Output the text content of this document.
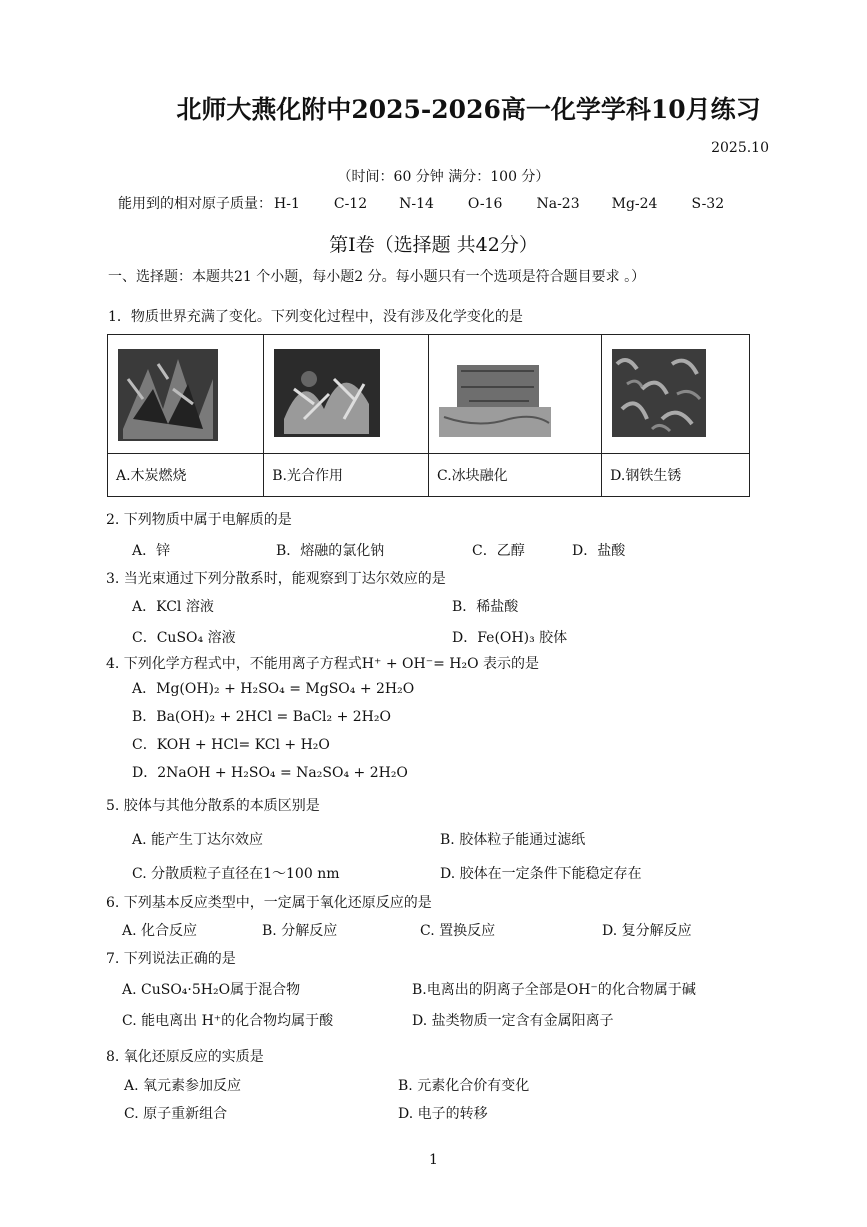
北师大燕化附中2025-2026高一化学学科10月练习
2025.10
（时间：60 分钟 满分：100 分）
能用到的相对原子质量： H-1 C-12 N-14 O-16 Na-23 Mg-24 S-32
第Ⅰ卷（选择题 共42分）
一、选择题：本题共21 个小题，每小题2 分。每小题只有一个选项是符合题目要求 。）
1．物质世界充满了变化。下列变化过程中，没有涉及化学变化的是

A.木炭燃烧	B.光合作用	C.冰块融化	D.钢铁生锈
2. 下列物质中属于电解质的是
A．锌	B．熔融的氯化钠	C．乙醇	D．盐酸
3. 当光束通过下列分散系时，能观察到丁达尔效应的是
A．KCl 溶液	B．稀盐酸
C．CuSO₄ 溶液	D．Fe(OH)₃ 胶体
4. 下列化学方程式中，不能用离子方程式H⁺ + OH⁻= H₂O 表示的是
A．Mg(OH)₂ + H₂SO₄ = MgSO₄ + 2H₂O
B．Ba(OH)₂ + 2HCl = BaCl₂ + 2H₂O
C．KOH + HCl= KCl + H₂O
D．2NaOH + H₂SO₄ = Na₂SO₄ + 2H₂O
5. 胶体与其他分散系的本质区别是
A. 能产生丁达尔效应	B. 胶体粒子能通过滤纸
C. 分散质粒子直径在1～100 nm	D. 胶体在一定条件下能稳定存在
6. 下列基本反应类型中，一定属于氧化还原反应的是
A. 化合反应	B. 分解反应	C. 置换反应	D. 复分解反应
7. 下列说法正确的是
A. CuSO₄·5H₂O属于混合物	B.电离出的阴离子全部是OH⁻的化合物属于碱
C. 能电离出 H⁺的化合物均属于酸	D. 盐类物质一定含有金属阳离子
8. 氧化还原反应的实质是
A. 氧元素参加反应	B. 元素化合价有变化
C. 原子重新组合	D. 电子的转移
1
